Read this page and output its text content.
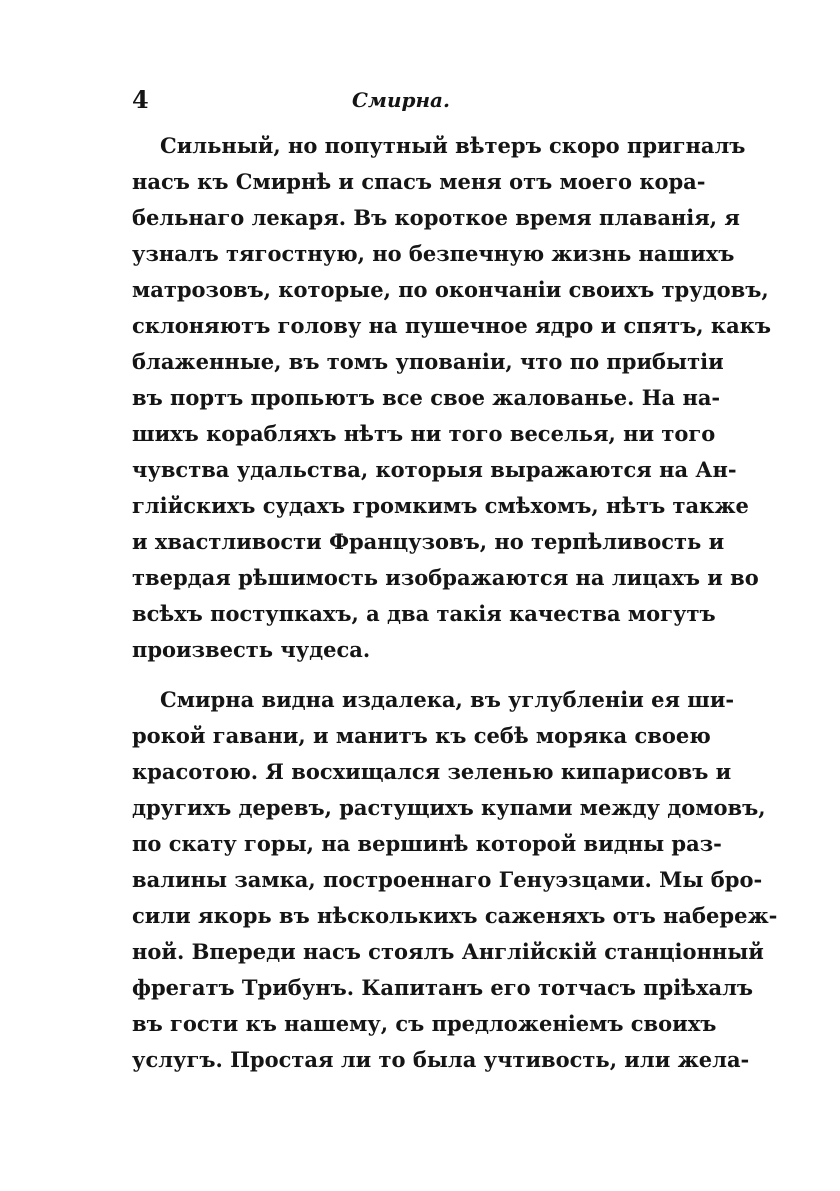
4	Смирна.
Сильный, но попутный вѣтеръ скоро пригналъ
насъ къ Смирнѣ и спасъ меня отъ моего кора-
бельнаго лекаря. Въ короткое время плаванія, я
узналъ тягостную, но безпечную жизнь нашихъ
матрозовъ, которые, по окончаніи своихъ трудовъ,
склоняютъ голову на пушечное ядро и спятъ, какъ
блаженные, въ томъ упованіи, что по прибытіи
въ портъ пропьютъ все свое жалованье. На на-
шихъ корабляхъ нѣтъ ни того веселья, ни того
чувства удальства, которыя выражаются на Ан-
глійскихъ судахъ громкимъ смѣхомъ, нѣтъ также
и хвастливости Французовъ, но терпѣливость и
твердая рѣшимость изображаются на лицахъ и во
всѣхъ поступкахъ, а два такія качества могутъ
произвесть чудеса.
Смирна видна издалека, въ углубленіи ея ши-
рокой гавани, и манитъ къ себѣ моряка своею
красотою. Я восхищался зеленью кипарисовъ и
другихъ деревъ, растущихъ купами между домовъ,
по скату горы, на вершинѣ которой видны раз-
валины замка, построеннаго Генуэзцами. Мы бро-
сили якорь въ нѣсколькихъ саженяхъ отъ набереж-
ной. Впереди насъ стоялъ Англійскій станціонный
фрегатъ Трибунъ. Капитанъ его тотчасъ пріѣхалъ
въ гости къ нашему, съ предложеніемъ своихъ
услугъ. Простая ли то была учтивость, или жела-
